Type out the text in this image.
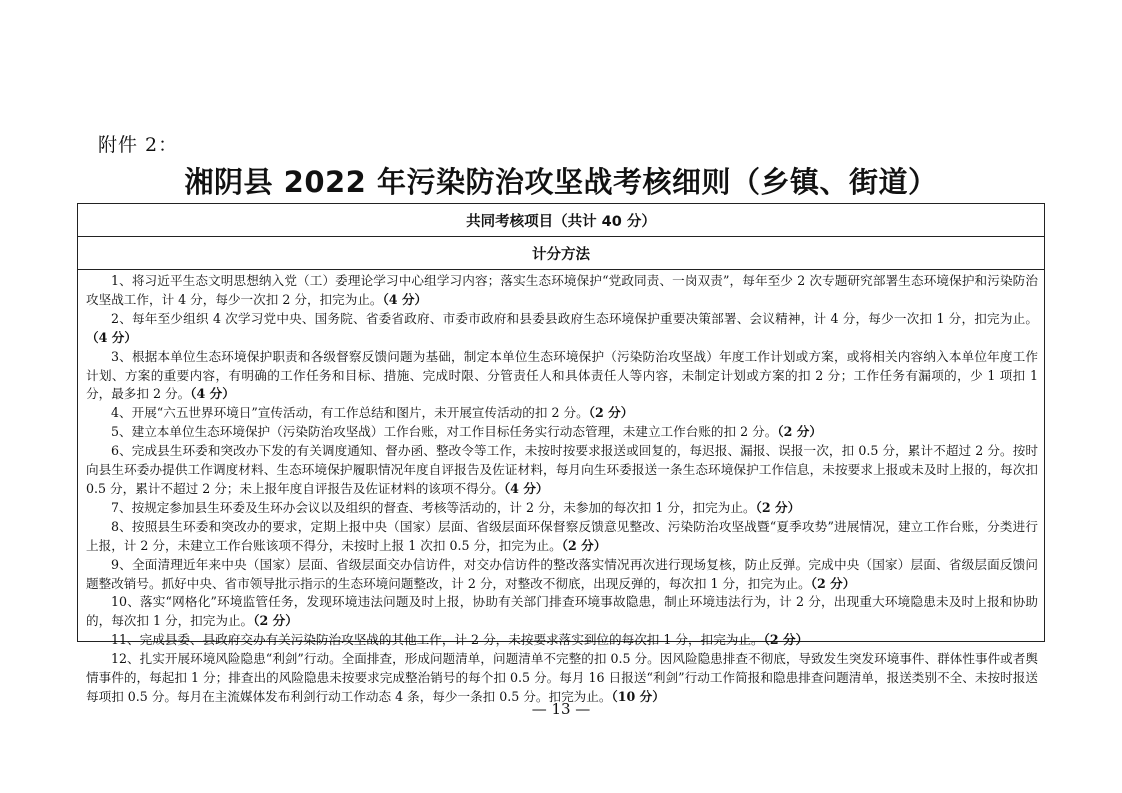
附件 2：
湘阴县 2022 年污染防治攻坚战考核细则（乡镇、街道）
共同考核项目（共计 40 分）
计分方法

1、将习近平生态文明思想纳入党（工）委理论学习中心组学习内容；落实生态环境保护“党政同责、一岗双责”，每年至少 2 次专题研究部署生态环境保护和污染防治攻坚战工作，计 4 分，每少一次扣 2 分，扣完为止。（4 分）

2、每年至少组织 4 次学习党中央、国务院、省委省政府、市委市政府和县委县政府生态环境保护重要决策部署、会议精神，计 4 分，每少一次扣 1 分，扣完为止。（4 分）

3、根据本单位生态环境保护职责和各级督察反馈问题为基础，制定本单位生态环境保护（污染防治攻坚战）年度工作计划或方案，或将相关内容纳入本单位年度工作计划、方案的重要内容，有明确的工作任务和目标、措施、完成时限、分管责任人和具体责任人等内容，未制定计划或方案的扣 2 分；工作任务有漏项的，少 1 项扣 1 分，最多扣 2 分。（4 分）

4、开展“六五世界环境日”宣传活动，有工作总结和图片，未开展宣传活动的扣 2 分。（2 分）

5、建立本单位生态环境保护（污染防治攻坚战）工作台账，对工作目标任务实行动态管理，未建立工作台账的扣 2 分。（2 分）

6、完成县生环委和突改办下发的有关调度通知、督办函、整改令等工作，未按时按要求报送或回复的，每迟报、漏报、误报一次，扣 0.5 分，累计不超过 2 分。按时向县生环委办提供工作调度材料、生态环境保护履职情况年度自评报告及佐证材料，每月向生环委报送一条生态环境保护工作信息，未按要求上报或未及时上报的，每次扣 0.5 分，累计不超过 2 分；未上报年度自评报告及佐证材料的该项不得分。（4 分）

7、按规定参加县生环委及生环办会议以及组织的督查、考核等活动的，计 2 分，未参加的每次扣 1 分，扣完为止。（2 分）

8、按照县生环委和突改办的要求，定期上报中央（国家）层面、省级层面环保督察反馈意见整改、污染防治攻坚战暨“夏季攻势”进展情况，建立工作台账，分类进行上报，计 2 分，未建立工作台账该项不得分，未按时上报 1 次扣 0.5 分，扣完为止。（2 分）

9、全面清理近年来中央（国家）层面、省级层面交办信访件，对交办信访件的整改落实情况再次进行现场复核，防止反弹。完成中央（国家）层面、省级层面反馈问题整改销号。抓好中央、省市领导批示指示的生态环境问题整改，计 2 分，对整改不彻底，出现反弹的，每次扣 1 分，扣完为止。（2 分）

10、落实“网格化”环境监管任务，发现环境违法问题及时上报，协助有关部门排查环境事故隐患，制止环境违法行为，计 2 分，出现重大环境隐患未及时上报和协助的，每次扣 1 分，扣完为止。（2 分）

11、完成县委、县政府交办有关污染防治攻坚战的其他工作，计 2 分，未按要求落实到位的每次扣 1 分，扣完为止。（2 分）

12、扎实开展环境风险隐患“利剑”行动。全面排查，形成问题清单，问题清单不完整的扣 0.5 分。因风险隐患排查不彻底，导致发生突发环境事件、群体性事件或者舆情事件的，每起扣 1 分；排查出的风险隐患未按要求完成整治销号的每个扣 0.5 分。每月 16 日报送“利剑”行动工作简报和隐患排查问题清单，报送类别不全、未按时报送每项扣 0.5 分。每月在主流媒体发布利剑行动工作动态 4 条，每少一条扣 0.5 分。扣完为止。（10 分）

— 13 —
